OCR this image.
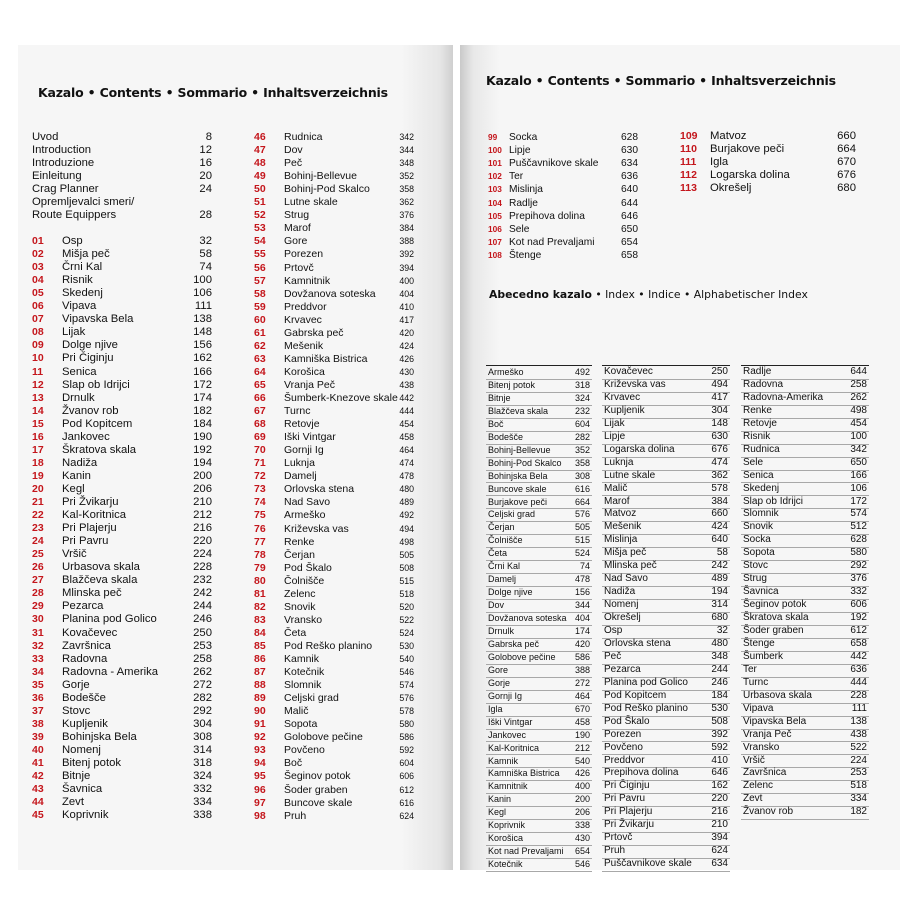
Kazalo • Contents • Sommario • Inhaltsverzeichnis
Uvod	8
Introduction	12
Introduzione	16
Einleitung	20
Crag Planner	24
Opremljevalci smeri/
Route Equippers	28
01 Osp	32
02 Mišja peč	58
03 Črni Kal	74
04 Risnik	100
05 Skedenj	106
06 Vipava	111
07 Vipavska Bela	138
08 Lijak	148
09 Dolge njive	156
10 Pri Čiginju	162
11 Senica	166
12 Slap ob Idrijci	172
13 Drnulk	174
14 Žvanov rob	182
15 Pod Kopitcem	184
16 Jankovec	190
17 Škratova skala	192
18 Nadiža	194
19 Kanin	200
20 Kegl	206
21 Pri Žvikarju	210
22 Kal-Koritnica	212
23 Pri Plajerju	216
24 Pri Pavru	220
25 Vršič	224
26 Urbasova skala	228
27 Blažčeva skala	232
28 Mlinska peč	242
29 Pezarca	244
30 Planina pod Golico	246
31 Kovačevec	250
32 Završnica	253
33 Radovna	258
34 Radovna - Amerika	262
35 Gorje	272
36 Bodešče	282
37 Stovc	292
38 Kupljenik	304
39 Bohinjska Bela	308
40 Nomenj	314
41 Bitenj potok	318
42 Bitnje	324
43 Šavnica	332
44 Zevt	334
45 Koprivnik	338
46 Rudnica	342
47 Dov	344
48 Peč	348
49 Bohinj-Bellevue	352
50 Bohinj-Pod Skalco	358
51 Lutne skale	362
52 Strug	376
53 Marof	384
54 Gore	388
55 Porezen	392
56 Prtovč	394
57 Kamnitnik	400
58 Dovžanova soteska	404
59 Preddvor	410
60 Krvavec	417
61 Gabrska peč	420
62 Mešenik	424
63 Kamniška Bistrica	426
64 Korošica	430
65 Vranja Peč	438
66 Šumberk-Knezove skale 442
67 Turnc	444
68 Retovje	454
69 Iški Vintgar	458
70 Gornji Ig	464
71 Luknja	474
72 Damelj	478
73 Orlovska stena	480
74 Nad Savo	489
75 Armeško	492
76 Križevska vas	494
77 Renke	498
78 Čerjan	505
79 Pod Škalo	508
80 Čolnišče	515
81 Zelenc	518
82 Snovik	520
83 Vransko	522
84 Četa	524
85 Pod Reško planino	530
86 Kamnik	540
87 Kotečnik	546
88 Slomnik	574
89 Celjski grad	576
90 Malič	578
91 Sopota	580
92 Golobove pečine	586
93 Povčeno	592
94 Boč	604
95 Šeginov potok	606
96 Šoder graben	612
97 Buncove skale	616
98 Pruh	624
Kazalo • Contents • Sommario • Inhaltsverzeichnis
99 Socka	628
100 Lipje	630
101 Puščavnikove skale 634
102 Ter	636
103 Mislinja	640
104 Radlje	644
105 Prepihova dolina	646
106 Sele	650
107 Kot nad Prevaljami	654
108 Štenge	658
109 Matvoz	660
110 Burjakove peči	664
111 Igla	670
112 Logarska dolina	676
113 Okrešelj	680
Abecedno kazalo • Index • Indice • Alphabetischer Index
Armeško	492
Bitenj potok	318
Bitnje	324
Blažčeva skala	232
Boč	604
Bodešče	282
Bohinj-Bellevue	352
Bohinj-Pod Skalco 358
Bohinjska Bela	308
Buncove skale	616
Burjakove peči	664
Celjski grad	576
Čerjan	505
Čolnišče	515
Četa	524
Črni Kal	74
Damelj	478
Dolge njive	156
Dov	344
Dovžanova soteska 404
Drnulk	174
Gabrska peč	420
Golobove pečine 586
Gore	388
Gorje	272
Gornji Ig	464
Igla	670
Iški Vintgar	458
Jankovec	190
Kal-Koritnica	212
Kamnik	540
Kamniška Bistrica 426
Kamnitnik	400
Kanin	200
Kegl	206
Koprivnik	338
Korošica	430
Kot nad Prevaljami 654
Kotečnik	546
Kovačevec	250
Križevska vas	494
Krvavec	417
Kupljenik	304
Lijak	148
Lipje	630
Logarska dolina	676
Luknja	474
Lutne skale	362
Malič	578
Marof	384
Matvoz	660
Mešenik	424
Mislinja	640
Mišja peč	58
Mlinska peč	242
Nad Savo	489
Nadiža	194
Nomenj	314
Okrešelj	680
Osp	32
Orlovska stena	480
Peč	348
Pezarca	244
Planina pod Golico 246
Pod Kopitcem	184
Pod Reško planino 530
Pod Škalo	508
Porezen	392
Povčeno	592
Preddvor	410
Prepihova dolina	646
Pri Čiginju	162
Pri Pavru	220
Pri Plajerju	216
Pri Žvikarju	210
Prtovč	394
Pruh	624
Puščavnikove skale 634
Radlje	644
Radovna	258
Radovna-Amerika	262
Renke	498
Retovje	454
Risnik	100
Rudnica	342
Sele	650
Senica	166
Skedenj	106
Slap ob Idrijci	172
Slomnik	574
Snovik	512
Socka	628
Sopota	580
Stovc	292
Strug	376
Šavnica	332
Šeginov potok	606
Škratova skala	192
Šoder graben	612
Štenge	658
Šumberk	442
Ter	636
Turnc	444
Urbasova skala	228
Vipava	111
Vipavska Bela	138
Vranja Peč	438
Vransko	522
Vršič	224
Završnica	253
Zelenc	518
Zevt	334
Žvanov rob	182
